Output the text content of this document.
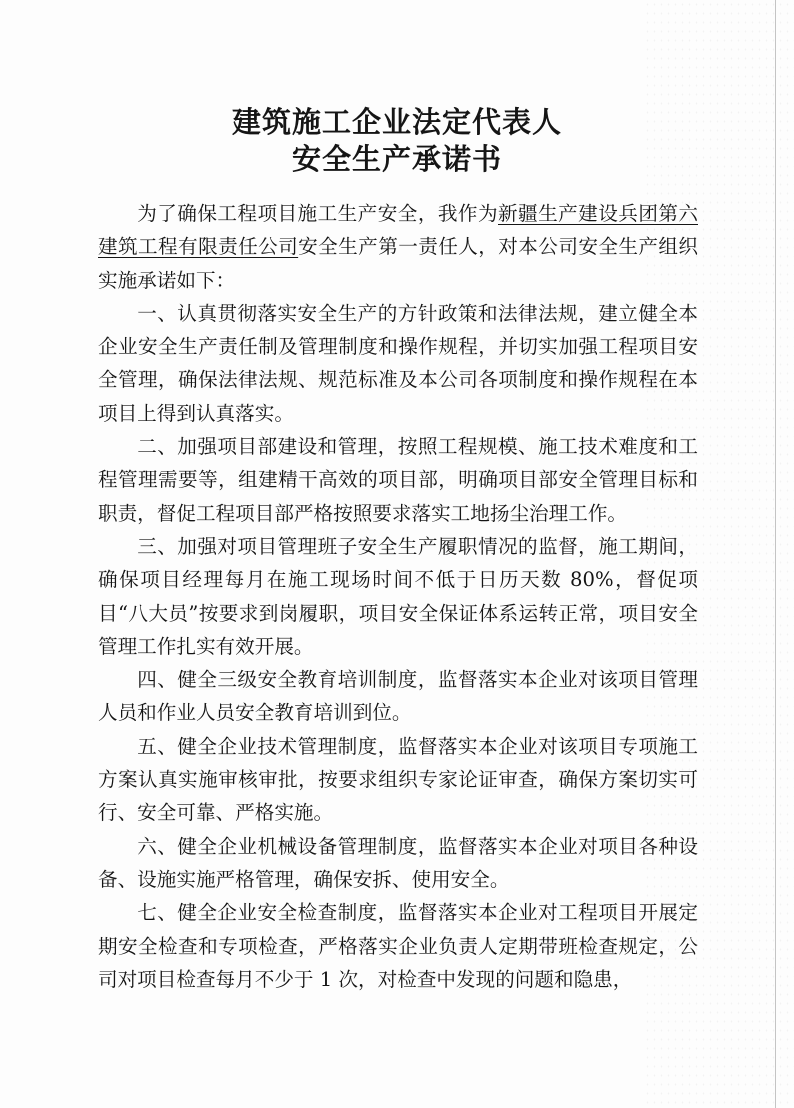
建筑施工企业法定代表人
安全生产承诺书

为了确保工程项目施工生产安全，我作为新疆生产建设兵团第六建筑工程有限责任公司安全生产第一责任人，对本公司安全生产组织实施承诺如下：

一、认真贯彻落实安全生产的方针政策和法律法规，建立健全本企业安全生产责任制及管理制度和操作规程，并切实加强工程项目安全管理，确保法律法规、规范标准及本公司各项制度和操作规程在本项目上得到认真落实。

二、加强项目部建设和管理，按照工程规模、施工技术难度和工程管理需要等，组建精干高效的项目部，明确项目部安全管理目标和职责，督促工程项目部严格按照要求落实工地扬尘治理工作。

三、加强对项目管理班子安全生产履职情况的监督，施工期间，确保项目经理每月在施工现场时间不低于日历天数 80%，督促项目“八大员”按要求到岗履职，项目安全保证体系运转正常，项目安全管理工作扎实有效开展。

四、健全三级安全教育培训制度，监督落实本企业对该项目管理人员和作业人员安全教育培训到位。

五、健全企业技术管理制度，监督落实本企业对该项目专项施工方案认真实施审核审批，按要求组织专家论证审查，确保方案切实可行、安全可靠、严格实施。

六、健全企业机械设备管理制度，监督落实本企业对项目各种设备、设施实施严格管理，确保安拆、使用安全。

七、健全企业安全检查制度，监督落实本企业对工程项目开展定期安全检查和专项检查，严格落实企业负责人定期带班检查规定，公司对项目检查每月不少于 1 次，对检查中发现的问题和隐患，
